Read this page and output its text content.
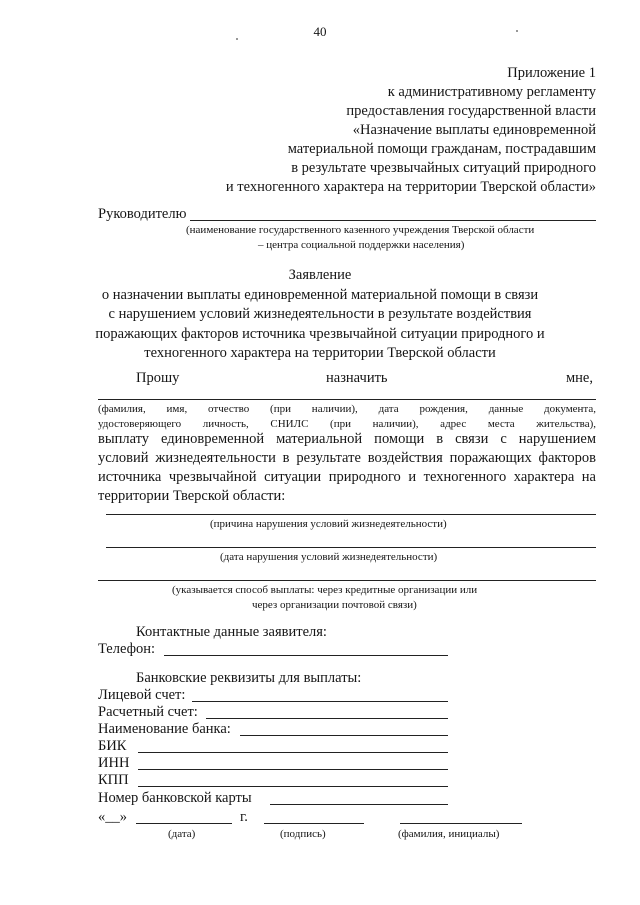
40
Приложение 1
к административному регламенту
предоставления государственной власти
«Назначение выплаты единовременной
материальной помощи гражданам, пострадавшим
в результате чрезвычайных ситуаций природного
и техногенного характера на территории Тверской области»
Руководителю
(наименование государственного казенного учреждения Тверской области
– центра социальной поддержки населения)
Заявление
о назначении выплаты единовременной материальной помощи в связи
с нарушением условий жизнедеятельности в результате воздействия
поражающих факторов источника чрезвычайной ситуации природного и
техногенного характера на территории Тверской области
Прошу	назначить	мне,
(фамилия, имя, отчество (при наличии), дата рождения, данные документа,
удостоверяющего личность, СНИЛС (при наличии), адрес места жительства),
выплату единовременной материальной помощи в связи с нарушением
условий жизнедеятельности в результате воздействия поражающих факторов
источника чрезвычайной ситуации природного и техногенного характера на
территории Тверской области:
(причина нарушения условий жизнедеятельности)
(дата нарушения условий жизнедеятельности)
(указывается способ выплаты: через кредитные организации или
через организации почтовой связи)
Контактные данные заявителя:
Телефон:
Банковские реквизиты для выплаты:
Лицевой счет:
Расчетный счет:
Наименование банка:
БИК
ИНН
КПП
Номер банковской карты
«__»	г.
(дата)	(подпись)	(фамилия, инициалы)
